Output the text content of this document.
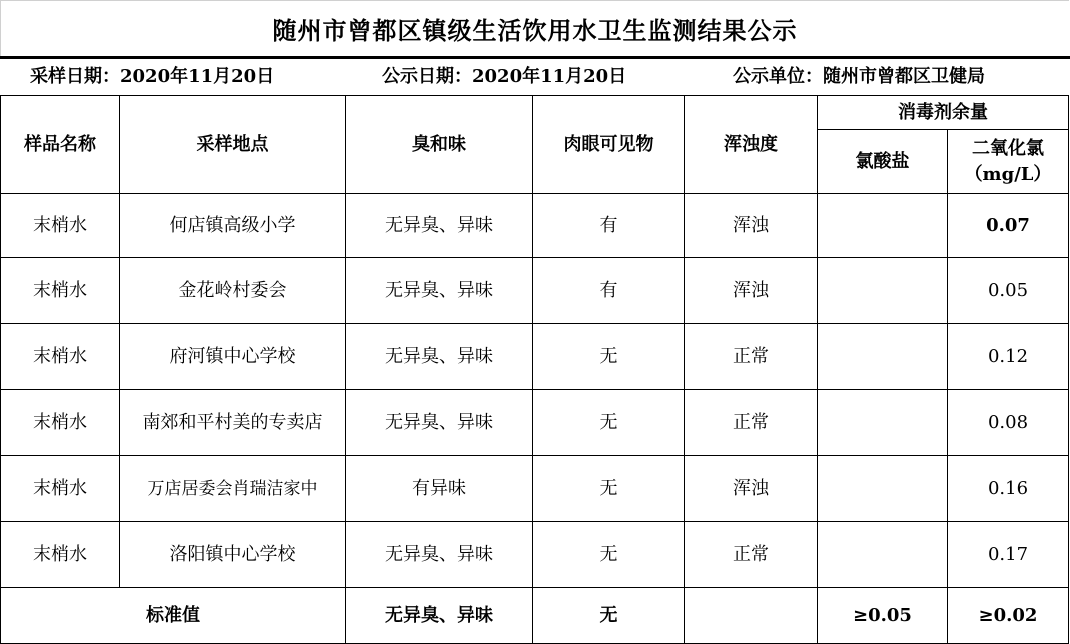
随州市曾都区镇级生活饮用水卫生监测结果公示
采样日期：2020年11月20日	公示日期：2020年11月20日	公示单位：随州市曾都区卫健局
样品名称	采样地点	臭和味	肉眼可见物	浑浊度	消毒剂余量	
					氯酸盐	二氧化氯
（mg/L）

末梢水	何店镇高级小学	无异臭、异味	有	浑浊		0.07
末梢水	金花岭村委会	无异臭、异味	有	浑浊		0.05
末梢水	府河镇中心学校	无异臭、异味	无	正常		0.12
末梢水	南郊和平村美的专卖店	无异臭、异味	无	正常		0.08
末梢水	万店居委会肖瑞洁家中	有异味	无	浑浊		0.16
末梢水	洛阳镇中心学校	无异臭、异味	无	正常		0.17
标准值		无异臭、异味	无		≥0.05	≥0.02
